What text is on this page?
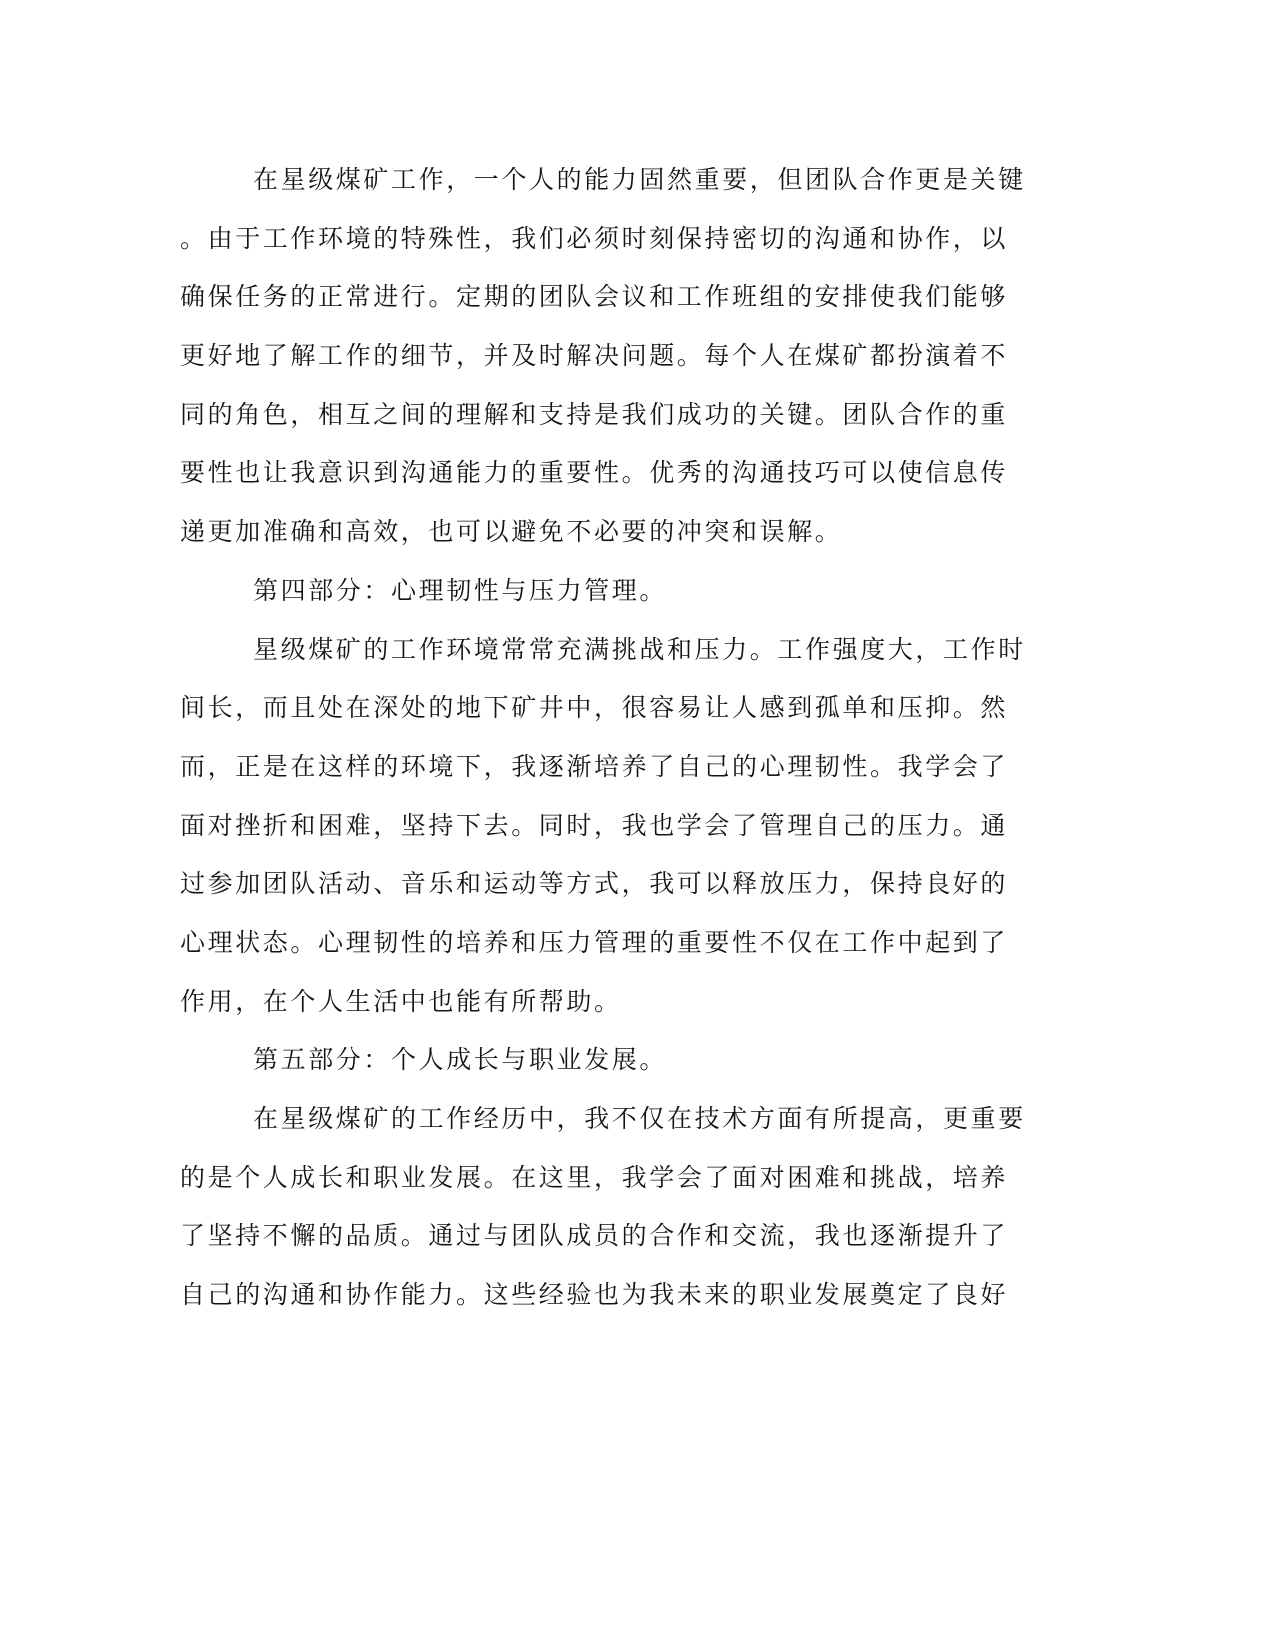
在星级煤矿工作，一个人的能力固然重要，但团队合作更是关键
。由于工作环境的特殊性，我们必须时刻保持密切的沟通和协作，以
确保任务的正常进行。定期的团队会议和工作班组的安排使我们能够
更好地了解工作的细节，并及时解决问题。每个人在煤矿都扮演着不
同的角色，相互之间的理解和支持是我们成功的关键。团队合作的重
要性也让我意识到沟通能力的重要性。优秀的沟通技巧可以使信息传
递更加准确和高效，也可以避免不必要的冲突和误解。
第四部分：心理韧性与压力管理。
星级煤矿的工作环境常常充满挑战和压力。工作强度大，工作时
间长，而且处在深处的地下矿井中，很容易让人感到孤单和压抑。然
而，正是在这样的环境下，我逐渐培养了自己的心理韧性。我学会了
面对挫折和困难，坚持下去。同时，我也学会了管理自己的压力。通
过参加团队活动、音乐和运动等方式，我可以释放压力，保持良好的
心理状态。心理韧性的培养和压力管理的重要性不仅在工作中起到了
作用，在个人生活中也能有所帮助。
第五部分：个人成长与职业发展。
在星级煤矿的工作经历中，我不仅在技术方面有所提高，更重要
的是个人成长和职业发展。在这里，我学会了面对困难和挑战，培养
了坚持不懈的品质。通过与团队成员的合作和交流，我也逐渐提升了
自己的沟通和协作能力。这些经验也为我未来的职业发展奠定了良好
